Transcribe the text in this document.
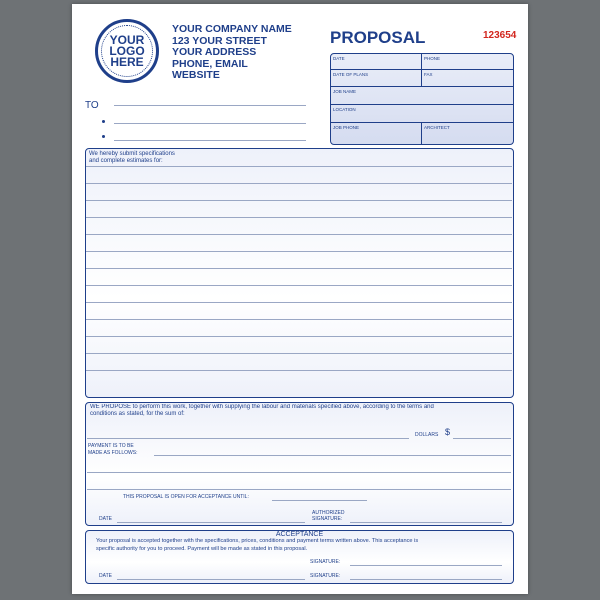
YOUR
LOGO
HERE
YOUR COMPANY NAME
123 YOUR STREET
YOUR ADDRESS
PHONE, EMAIL
WEBSITE
PROPOSAL	123654
TO
DATE	PHONE
DATE OF PLANS	FAX
JOB NAME
LOCATION
JOB PHONE	ARCHITECT
We hereby submit specifications
and complete estimates for:
WE PROPOSE to perform this work, together with supplying the labour and materials specified above, according to the terms and
conditions as stated, for the sum of:
DOLLARS $
PAYMENT IS TO BE
MADE AS FOLLOWS:
THIS PROPOSAL IS OPEN FOR ACCEPTANCE UNTIL:
DATE
AUTHORIZED
SIGNATURE:
ACCEPTANCE
Your proposal is accepted together with the specifications, prices, conditions and payment terms written above. This acceptance is
specific authority for you to proceed. Payment will be made as stated in this proposal.
SIGNATURE:
DATE	SIGNATURE:
